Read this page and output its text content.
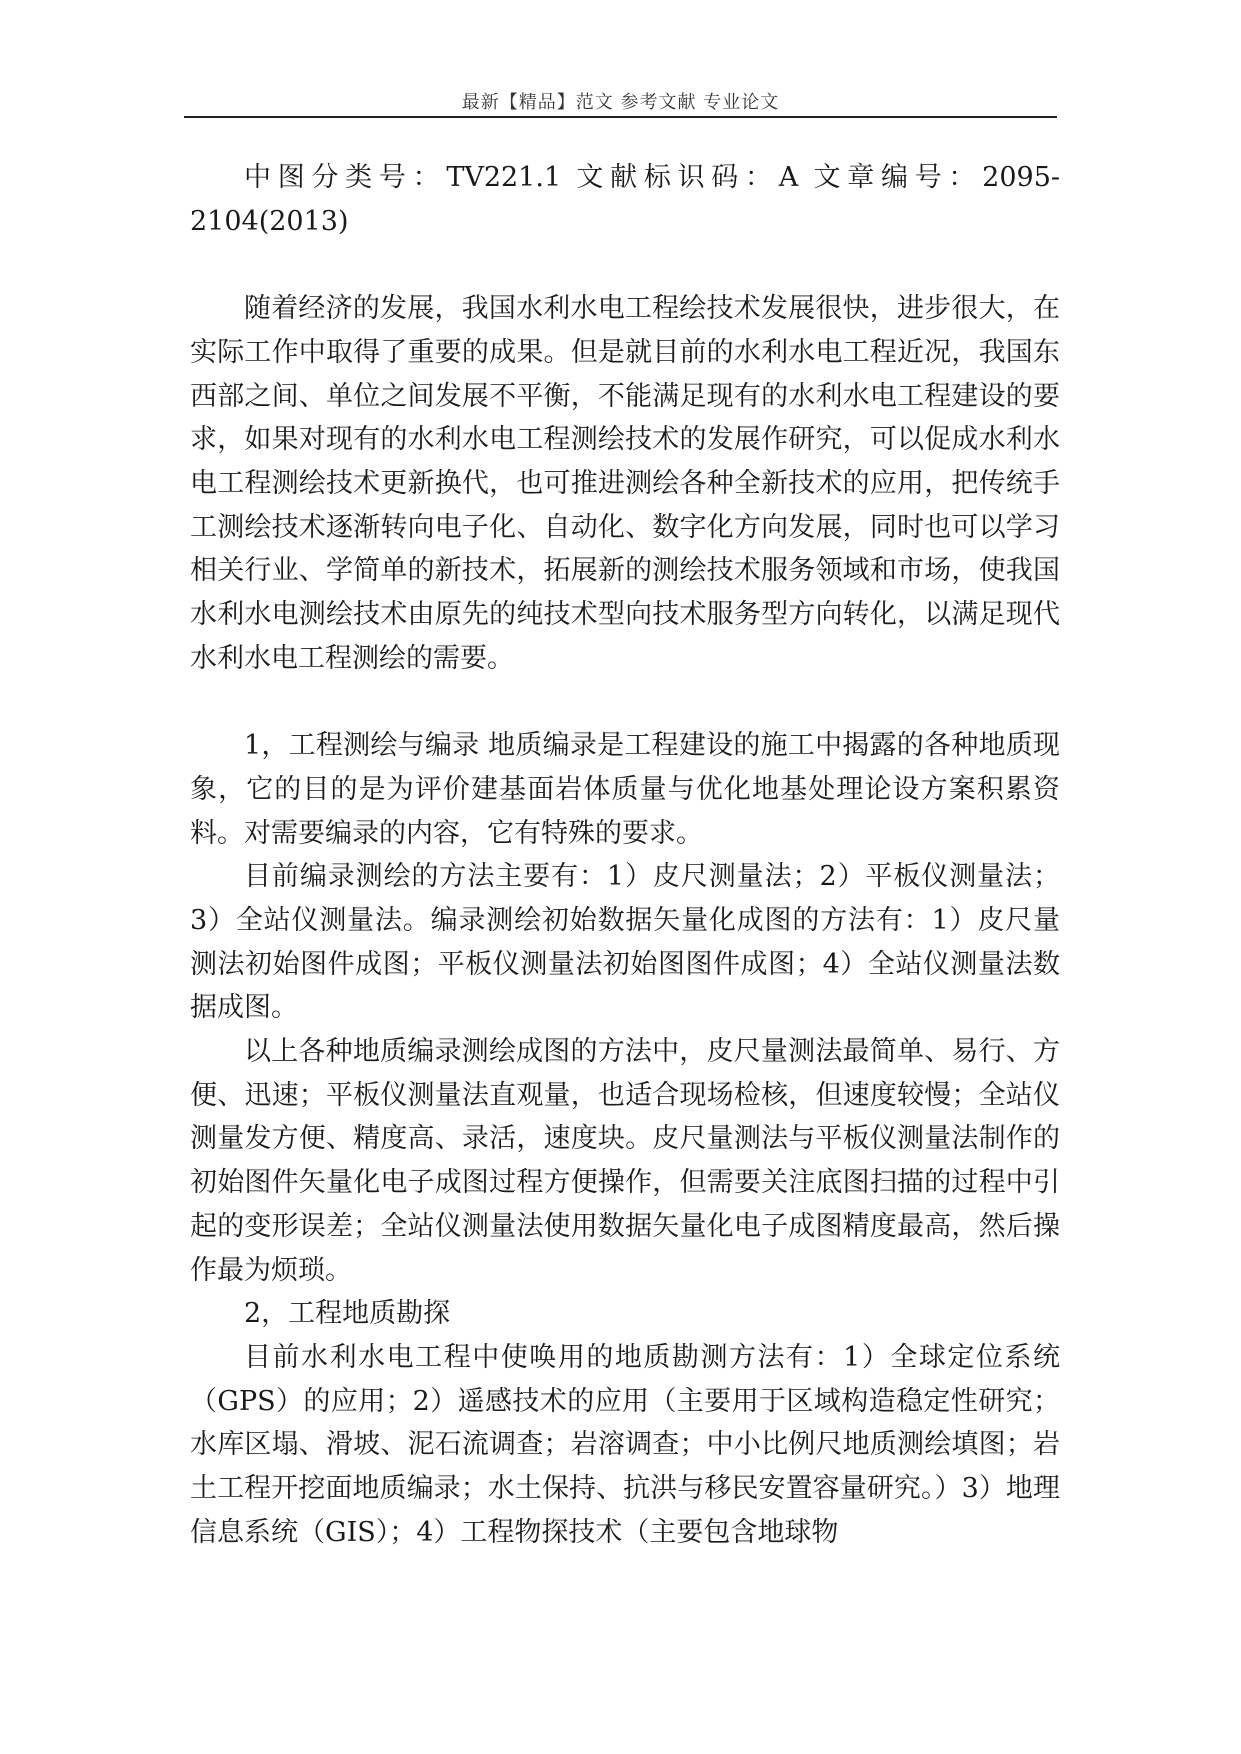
最新【精品】范文 参考文献 专业论文

中图分类号：TV221.1 文献标识码：A 文章编号：2095-2104(2013)

随着经济的发展，我国水利水电工程绘技术发展很快，进步很大，在实际工作中取得了重要的成果。但是就目前的水利水电工程近况，我国东西部之间、单位之间发展不平衡，不能满足现有的水利水电工程建设的要求，如果对现有的水利水电工程测绘技术的发展作研究，可以促成水利水电工程测绘技术更新换代，也可推进测绘各种全新技术的应用，把传统手工测绘技术逐渐转向电子化、自动化、数字化方向发展，同时也可以学习相关行业、学简单的新技术，拓展新的测绘技术服务领域和市场，使我国水利水电测绘技术由原先的纯技术型向技术服务型方向转化，以满足现代水利水电工程测绘的需要。

1，工程测绘与编录 地质编录是工程建设的施工中揭露的各种地质现象，它的目的是为评价建基面岩体质量与优化地基处理论设方案积累资料。对需要编录的内容，它有特殊的要求。

目前编录测绘的方法主要有：1）皮尺测量法；2）平板仪测量法；3）全站仪测量法。编录测绘初始数据矢量化成图的方法有：1）皮尺量测法初始图件成图；平板仪测量法初始图图件成图；4）全站仪测量法数据成图。

以上各种地质编录测绘成图的方法中，皮尺量测法最简单、易行、方便、迅速；平板仪测量法直观量，也适合现场检核，但速度较慢；全站仪测量发方便、精度高、录活，速度块。皮尺量测法与平板仪测量法制作的初始图件矢量化电子成图过程方便操作，但需要关注底图扫描的过程中引起的变形误差；全站仪测量法使用数据矢量化电子成图精度最高，然后操作最为烦琐。

2，工程地质勘探

目前水利水电工程中使唤用的地质勘测方法有：1）全球定位系统（GPS）的应用；2）遥感技术的应用（主要用于区域构造稳定性研究；水库区塌、滑坡、泥石流调查；岩溶调查；中小比例尺地质测绘填图；岩土工程开挖面地质编录；水土保持、抗洪与移民安置容量研究。）3）地理信息系统（GIS）；4）工程物探技术（主要包含地球物
